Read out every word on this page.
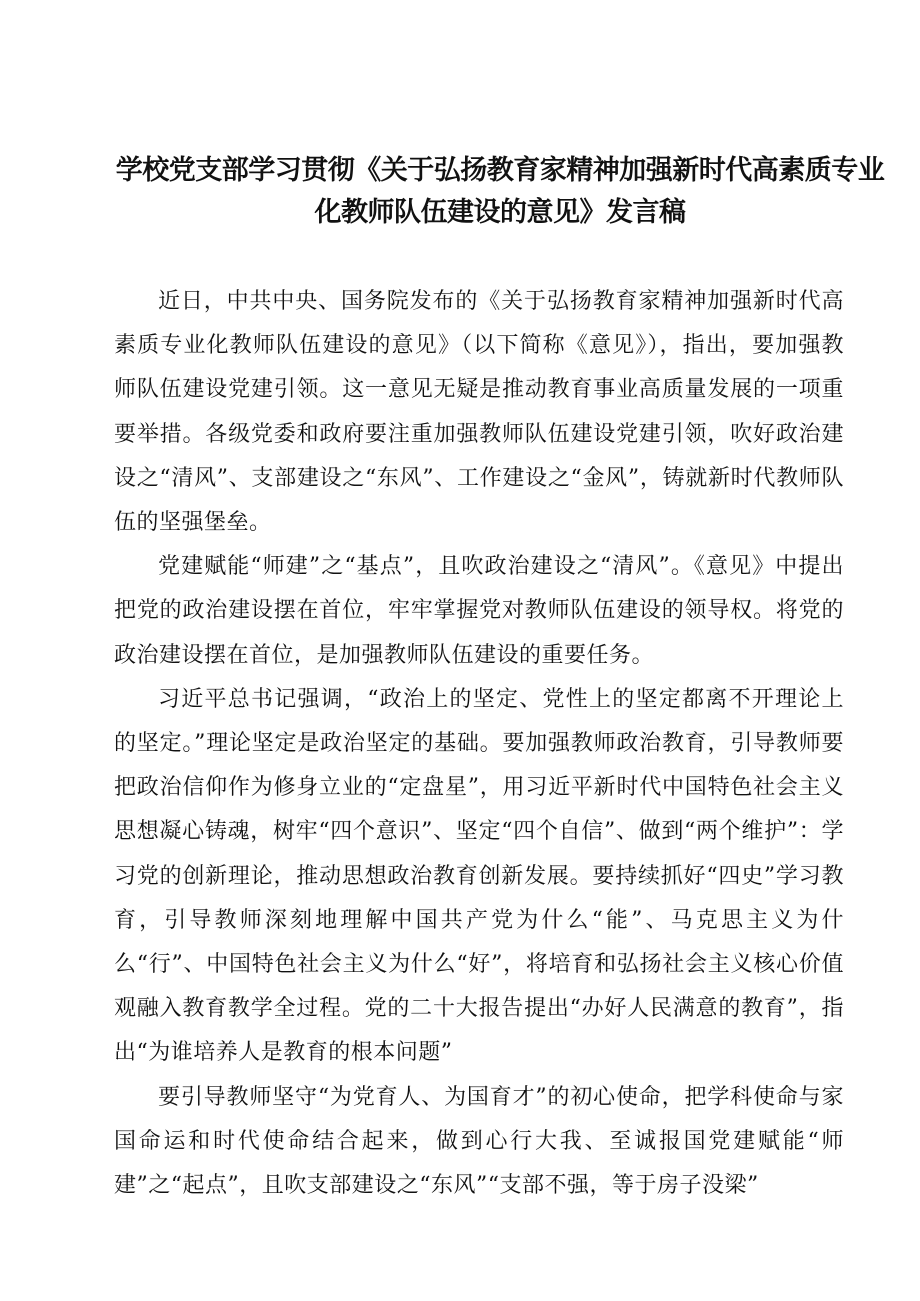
学校党支部学习贯彻《关于弘扬教育家精神加强新时代高素质专业
化教师队伍建设的意见》发言稿

近日，中共中央、国务院发布的《关于弘扬教育家精神加强新时代高素质专业化教师队伍建设的意见》（以下简称《意见》），指出，要加强教师队伍建设党建引领。这一意见无疑是推动教育事业高质量发展的一项重要举措。各级党委和政府要注重加强教师队伍建设党建引领，吹好政治建设之“清风”、支部建设之“东风”、工作建设之“金风”，铸就新时代教师队伍的坚强堡垒。

党建赋能“师建”之“基点”，且吹政治建设之“清风”。《意见》中提出把党的政治建设摆在首位，牢牢掌握党对教师队伍建设的领导权。将党的政治建设摆在首位，是加强教师队伍建设的重要任务。

习近平总书记强调，“政治上的坚定、党性上的坚定都离不开理论上的坚定。”理论坚定是政治坚定的基础。要加强教师政治教育，引导教师要把政治信仰作为修身立业的“定盘星”，用习近平新时代中国特色社会主义思想凝心铸魂，树牢“四个意识”、坚定“四个自信”、做到“两个维护”：学习党的创新理论，推动思想政治教育创新发展。要持续抓好“四史”学习教育，引导教师深刻地理解中国共产党为什么“能”、马克思主义为什么“行”、中国特色社会主义为什么“好”，将培育和弘扬社会主义核心价值观融入教育教学全过程。党的二十大报告提出“办好人民满意的教育”，指出“为谁培养人是教育的根本问题”

要引导教师坚守“为党育人、为国育才”的初心使命，把学科使命与家国命运和时代使命结合起来，做到心行大我、至诚报国党建赋能“师建”之“起点”，且吹支部建设之“东风”“支部不强，等于房子没梁”
